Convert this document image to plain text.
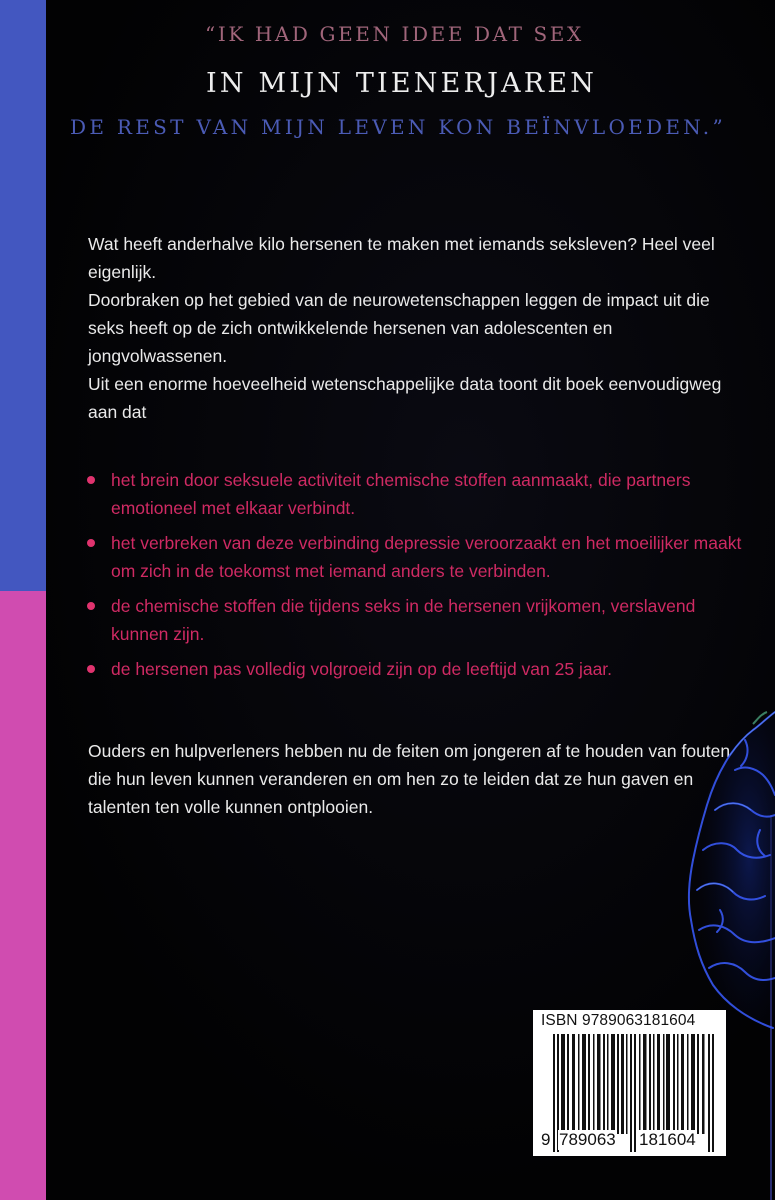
“IK HAD GEEN IDEE DAT SEX
IN MIJN TIENERJAREN
DE REST VAN MIJN LEVEN KON BEÏNVLOEDEN.”

Wat heeft anderhalve kilo hersenen te maken met iemands seksleven? Heel veel eigenlijk.

Doorbraken op het gebied van de neurowetenschappen leggen de impact uit die seks heeft op de zich ontwikkelende hersenen van adolescenten en jongvolwassenen.

Uit een enorme hoeveelheid wetenschappelijke data toont dit boek eenvoudigweg aan dat

het brein door seksuele activiteit chemische stoffen aanmaakt, die partners emotioneel met elkaar verbindt.
het verbreken van deze verbinding depressie veroorzaakt en het moeilijker maakt om zich in de toekomst met iemand anders te verbinden.
de chemische stoffen die tijdens seks in de hersenen vrijkomen, verslavend kunnen zijn.
de hersenen pas volledig volgroeid zijn op de leeftijd van 25 jaar.
Ouders en hulpverleners hebben nu de feiten om jongeren af te houden van fouten die hun leven kunnen veranderen en om hen zo te leiden dat ze hun gaven en talenten ten volle kunnen ontplooien.
ISBN 9789063181604
9 789063 181604
